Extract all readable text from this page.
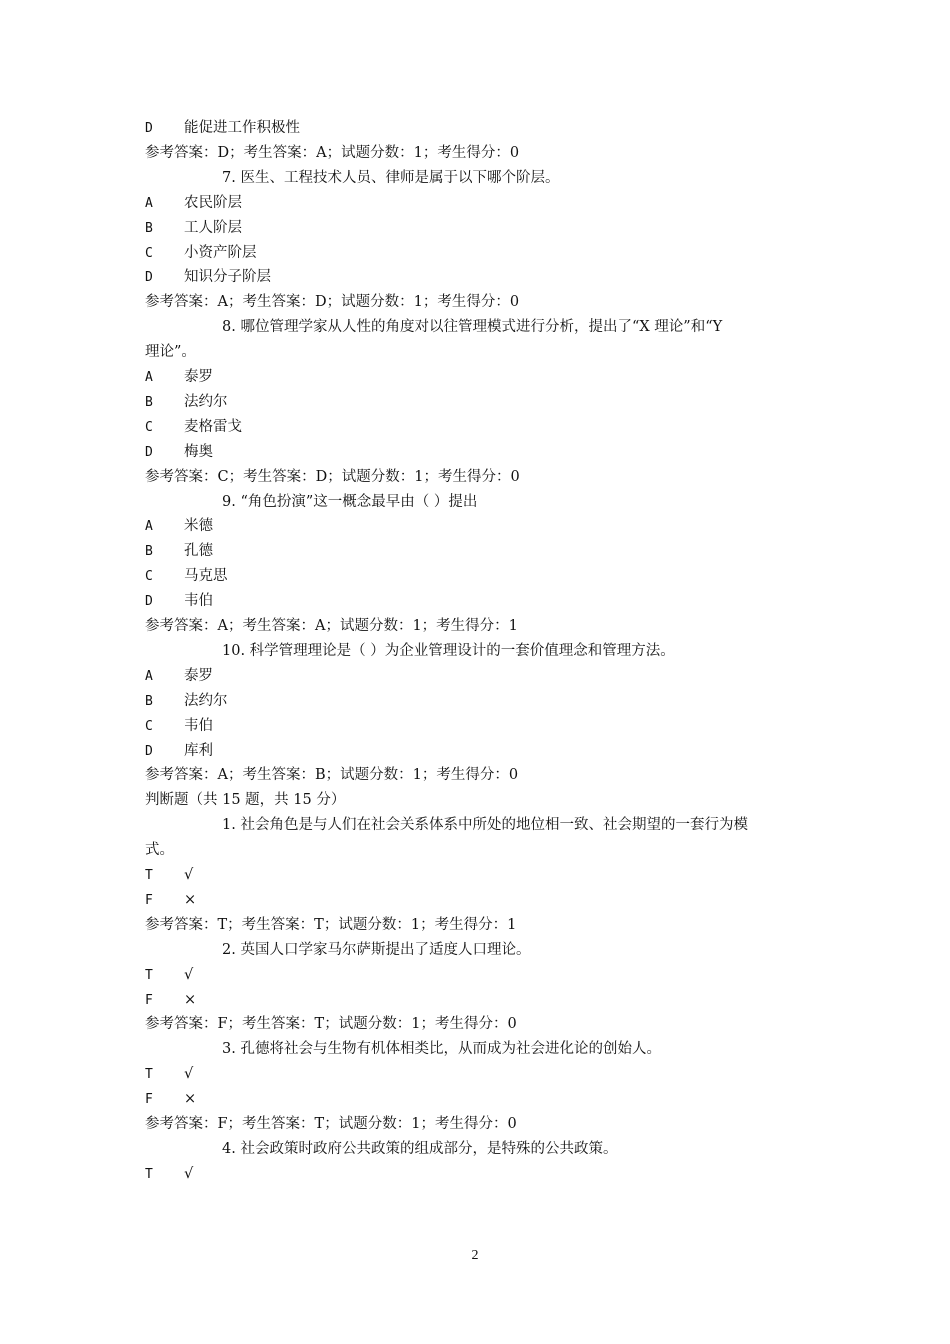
D 能促进工作积极性
参考答案：D；考生答案：A；试题分数：1；考生得分：0
7. 医生、工程技术人员、律师是属于以下哪个阶层。
A 农民阶层
B 工人阶层
C 小资产阶层
D 知识分子阶层
参考答案：A；考生答案：D；试题分数：1；考生得分：0
8. 哪位管理学家从人性的角度对以往管理模式进行分析，提出了“X 理论”和“Y
理论”。
A 泰罗
B 法约尔
C 麦格雷戈
D 梅奥
参考答案：C；考生答案：D；试题分数：1；考生得分：0
9. “角色扮演”这一概念最早由（ ）提出
A 米德
B 孔德
C 马克思
D 韦伯
参考答案：A；考生答案：A；试题分数：1；考生得分：1
10. 科学管理理论是（ ）为企业管理设计的一套价值理念和管理方法。
A 泰罗
B 法约尔
C 韦伯
D 库利
参考答案：A；考生答案：B；试题分数：1；考生得分：0
判断题（共 15 题，共 15 分）
1. 社会角色是与人们在社会关系体系中所处的地位相一致、社会期望的一套行为模
式。
T √
F ×
参考答案：T；考生答案：T；试题分数：1；考生得分：1
2. 英国人口学家马尔萨斯提出了适度人口理论。
T √
F ×
参考答案：F；考生答案：T；试题分数：1；考生得分：0
3. 孔德将社会与生物有机体相类比，从而成为社会进化论的创始人。
T √
F ×
参考答案：F；考生答案：T；试题分数：1；考生得分：0
4. 社会政策时政府公共政策的组成部分，是特殊的公共政策。
T √
2
